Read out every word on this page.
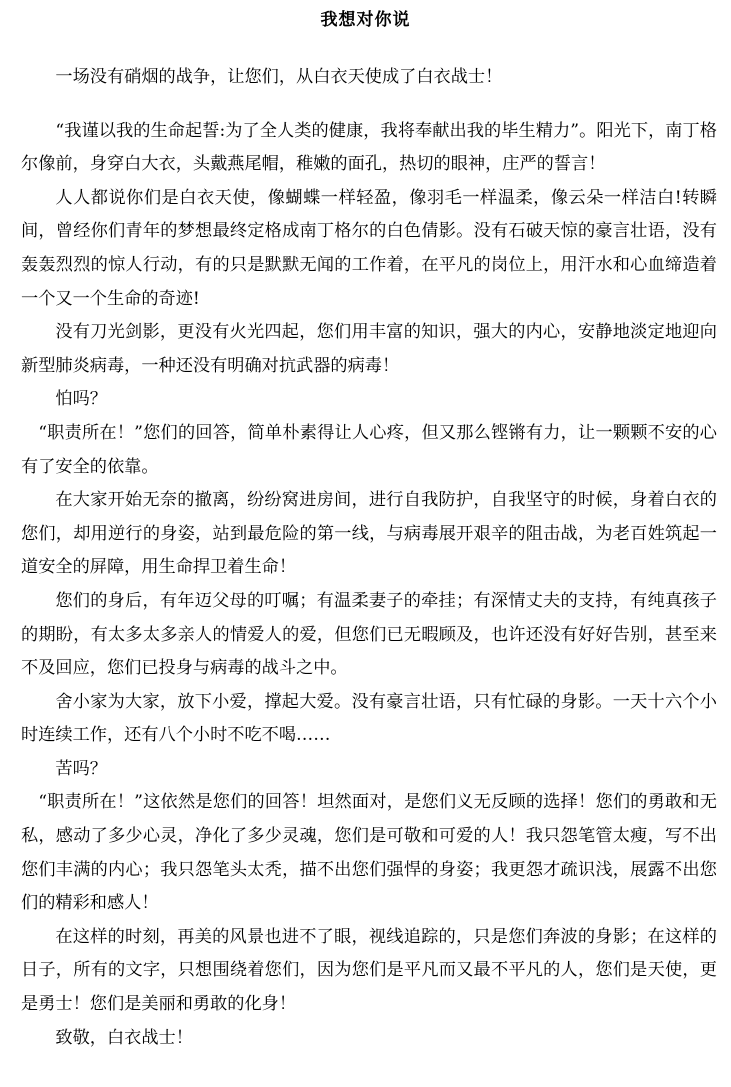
我想对你说

一场没有硝烟的战争，让您们，从白衣天使成了白衣战士！

“我谨以我的生命起誓:为了全人类的健康，我将奉献出我的毕生精力”。阳光下，南丁格尔像前，身穿白大衣，头戴燕尾帽，稚嫩的面孔，热切的眼神，庄严的誓言！

人人都说你们是白衣天使，像蝴蝶一样轻盈，像羽毛一样温柔，像云朵一样洁白!转瞬间，曾经你们青年的梦想最终定格成南丁格尔的白色倩影。没有石破天惊的豪言壮语，没有轰轰烈烈的惊人行动，有的只是默默无闻的工作着，在平凡的岗位上，用汗水和心血缔造着一个又一个生命的奇迹!

没有刀光剑影，更没有火光四起，您们用丰富的知识，强大的内心，安静地淡定地迎向新型肺炎病毒，一种还没有明确对抗武器的病毒！

怕吗？

“职责所在！”您们的回答，简单朴素得让人心疼，但又那么铿锵有力，让一颗颗不安的心有了安全的依靠。

在大家开始无奈的撤离，纷纷窝进房间，进行自我防护，自我坚守的时候，身着白衣的您们，却用逆行的身姿，站到最危险的第一线，与病毒展开艰辛的阻击战，为老百姓筑起一道安全的屏障，用生命捍卫着生命！

您们的身后，有年迈父母的叮嘱；有温柔妻子的牵挂；有深情丈夫的支持，有纯真孩子的期盼，有太多太多亲人的情爱人的爱，但您们已无暇顾及，也许还没有好好告别，甚至来不及回应，您们已投身与病毒的战斗之中。

舍小家为大家，放下小爱，撑起大爱。没有豪言壮语，只有忙碌的身影。一天十六个小时连续工作，还有八个小时不吃不喝……

苦吗？

“职责所在！”这依然是您们的回答！坦然面对，是您们义无反顾的选择！您们的勇敢和无私，感动了多少心灵，净化了多少灵魂，您们是可敬和可爱的人！我只怨笔管太瘦，写不出您们丰满的内心；我只怨笔头太秃，描不出您们强悍的身姿；我更怨才疏识浅，展露不出您们的精彩和感人！

在这样的时刻，再美的风景也进不了眼，视线追踪的，只是您们奔波的身影；在这样的日子，所有的文字，只想围绕着您们，因为您们是平凡而又最不平凡的人，您们是天使，更是勇士！您们是美丽和勇敢的化身！

致敬，白衣战士！
